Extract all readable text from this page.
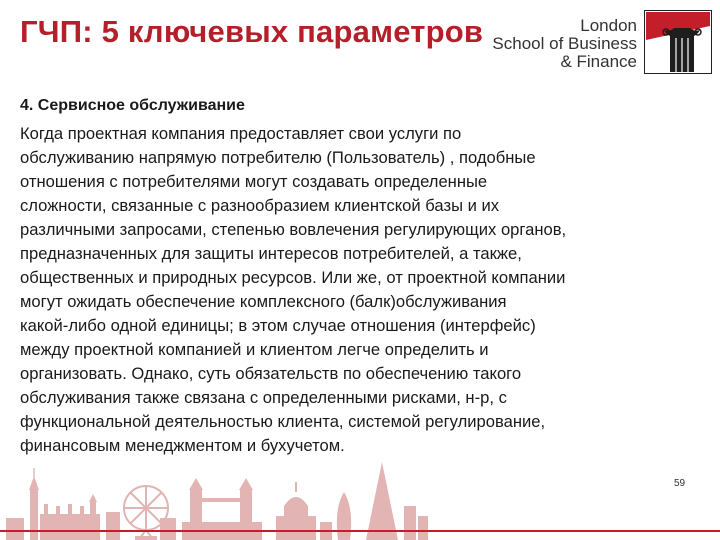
ГЧП: 5 ключевых параметров	London
School of Business
& Finance
4. Сервисное обслуживание
Когда проектная компания предоставляет свои услуги по
обслуживанию напрямую потребителю (Пользователь) , подобные
отношения с потребителями могут создавать определенные
сложности, связанные с разнообразием клиентской базы и их
различными запросами, степенью вовлечения регулирующих органов,
предназначенных для защиты интересов потребителей, а также,
общественных и природных ресурсов. Или же, от проектной компании
могут ожидать обеспечение комплексного (балк)обслуживания
какой-либо одной единицы; в этом случае отношения (интерфейс)
между проектной компанией и клиентом легче определить и
организовать. Однако, суть обязательств по обеспечению такого
обслуживания также связана с определенными рисками, н-р, с
функциональной деятельностью клиента, системой регулирование,
финансовым менеджментом и бухучетом.
59
